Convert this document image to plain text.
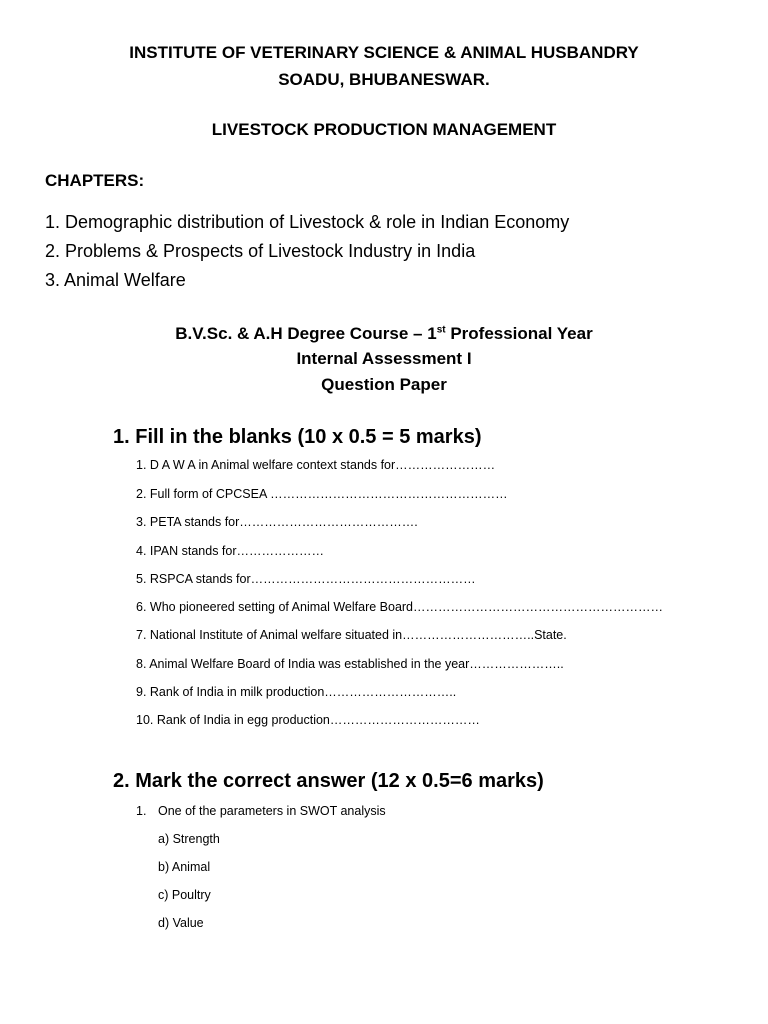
INSTITUTE OF VETERINARY SCIENCE & ANIMAL HUSBANDRY
SOADU, BHUBANESWAR.
LIVESTOCK PRODUCTION MANAGEMENT
CHAPTERS:
1. Demographic distribution of Livestock & role in Indian Economy
2. Problems & Prospects of Livestock Industry in India
3. Animal Welfare
B.V.Sc. & A.H Degree Course – 1st Professional Year
Internal Assessment I
Question Paper
1. Fill in the blanks (10 x 0.5 = 5 marks)
1. D A W A in Animal welfare context stands for……………………
2. Full form of CPCSEA …………………………………………………
3. PETA stands for…………………………………….
4. IPAN stands for…………………
5. RSPCA stands for………………………………………………
6. Who pioneered setting of Animal Welfare Board……………………………………………………
7. National Institute of Animal welfare situated in…………………………..State.
8. Animal Welfare Board of India was established in the year…………………..
9. Rank of India in milk production…………………………..
10. Rank of India in egg production………………………………
2. Mark the correct answer (12 x 0.5=6 marks)
1. One of the parameters in SWOT analysis
a) Strength
b) Animal
c) Poultry
d) Value
